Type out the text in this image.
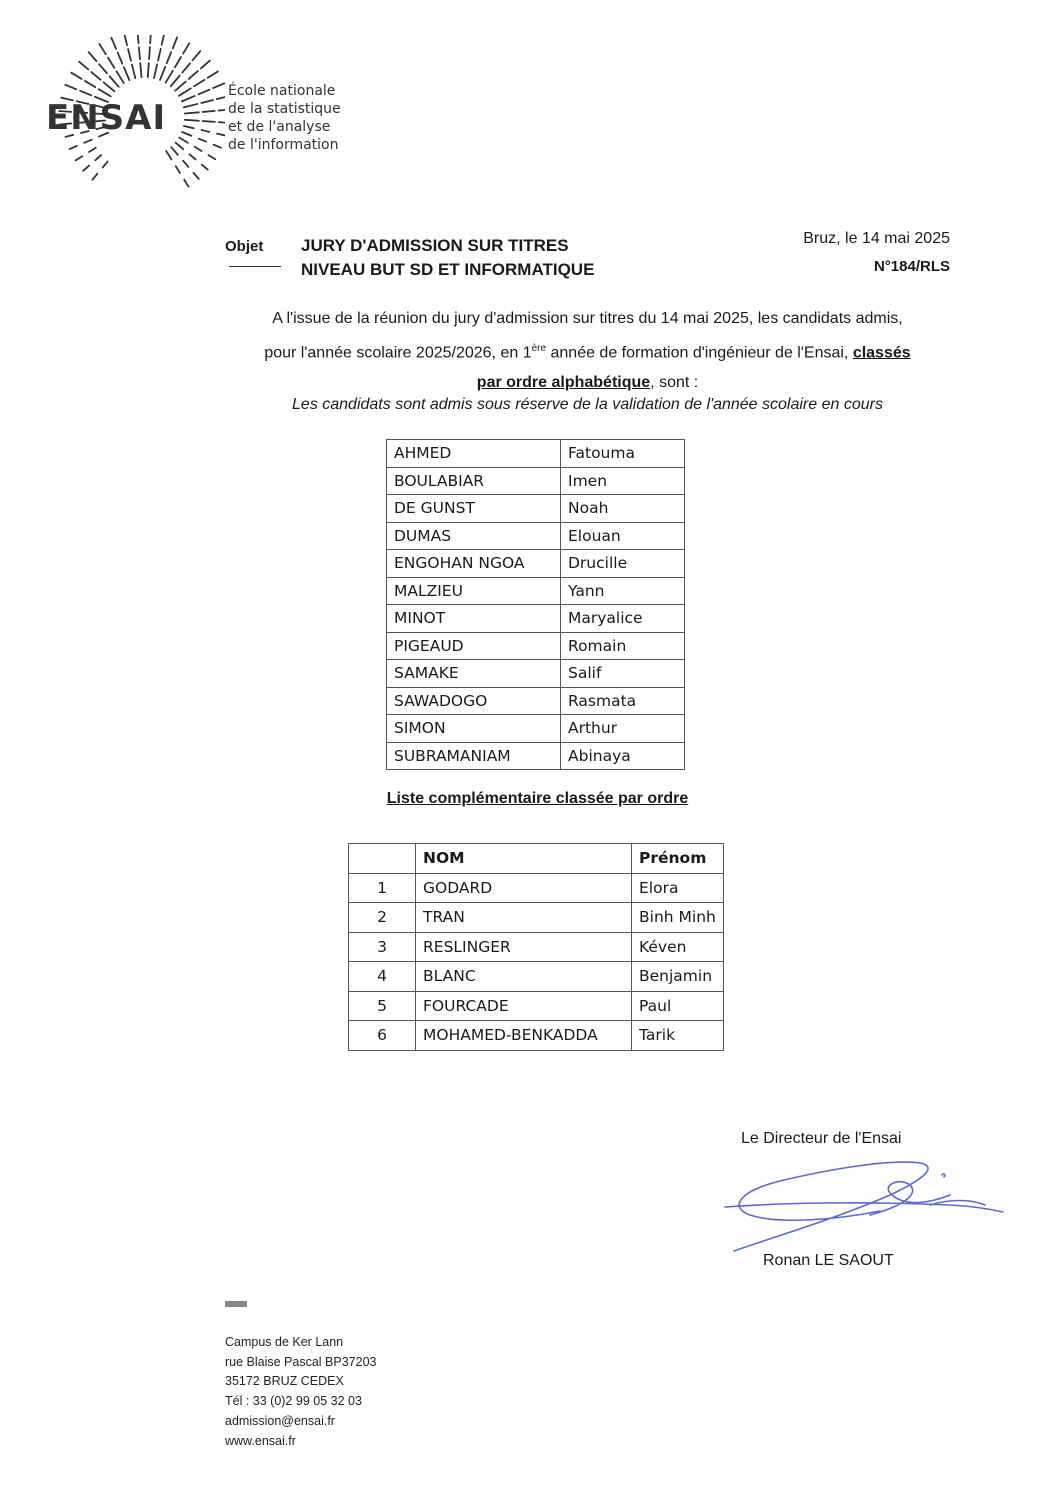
ENSAI
École nationale
de la statistique
et de l'analyse
de l'information
Objet JURY D'ADMISSION SUR TITRES
NIVEAU BUT SD ET INFORMATIQUE
Bruz, le 14 mai 2025
N°184/RLS
A l'issue de la réunion du jury d'admission sur titres du 14 mai 2025, les candidats admis,
pour l'année scolaire 2025/2026, en 1ère année de formation d'ingénieur de l'Ensai, classés
par ordre alphabétique, sont :
Les candidats sont admis sous réserve de la validation de l'année scolaire en cours
AHMED	Fatouma
BOULABIAR	Imen
DE GUNST	Noah
DUMAS	Elouan
ENGOHAN NGOA	Drucille
MALZIEU	Yann
MINOT	Maryalice
PIGEAUD	Romain
SAMAKE	Salif
SAWADOGO	Rasmata
SIMON	Arthur
SUBRAMANIAM	Abinaya
Liste complémentaire classée par ordre
	NOM	Prénom
1	GODARD	Elora
2	TRAN	Binh Minh
3	RESLINGER	Kéven
4	BLANC	Benjamin
5	FOURCADE	Paul
6	MOHAMED-BENKADDA	Tarik
Le Directeur de l'Ensai
Ronan LE SAOUT
Campus de Ker Lann
rue Blaise Pascal BP37203
35172 BRUZ CEDEX
Tél : 33 (0)2 99 05 32 03
admission@ensai.fr
www.ensai.fr
